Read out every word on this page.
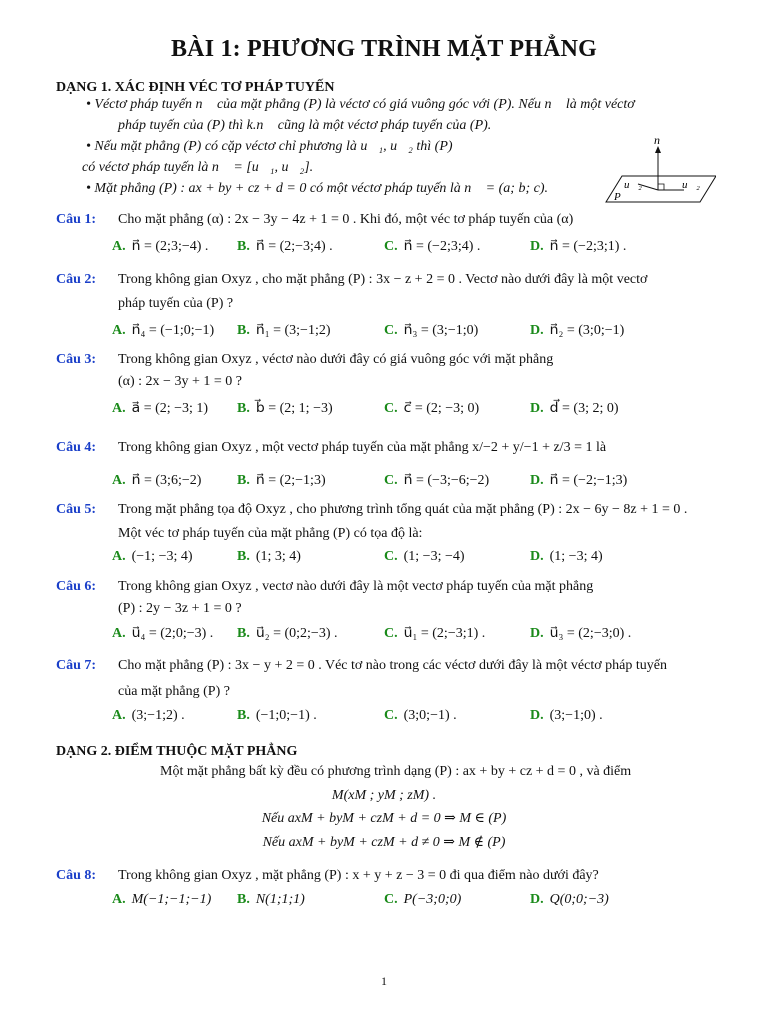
BÀI 1: PHƯƠNG TRÌNH MẶT PHẲNG
DẠNG 1. XÁC ĐỊNH VÉC TƠ PHÁP TUYẾN
• Véctơ pháp tuyến n⃗ của mặt phẳng (P) là véctơ có giá vuông góc với (P). Nếu n⃗ là một véctơ
pháp tuyến của (P) thì k.n⃗ cũng là một véctơ pháp tuyến của (P).
• Nếu mặt phẳng (P) có cặp véctơ chỉ phương là u⃗₁, u⃗₂ thì (P)
có véctơ pháp tuyến là n⃗ = [u⃗₁, u⃗₂].
• Mặt phẳng (P) : ax + by + cz + d = 0 có một véctơ pháp tuyến là n⃗ = (a; b; c).
n⃗
u⃗₂	u⃗₂
P
Câu 1: Cho mặt phẳng (α) : 2x − 3y − 4z + 1 = 0 . Khi đó, một véc tơ pháp tuyến của (α)
A. n⃗ = (2;3;−4) . B. n⃗ = (2;−3;4) .	C. n⃗ = (−2;3;4) .	D. n⃗ = (−2;3;1) .
Câu 2: Trong không gian Oxyz , cho mặt phẳng (P) : 3x − z + 2 = 0 . Vectơ nào dưới đây là một vectơ
pháp tuyến của (P) ?
A. n⃗₄ = (−1;0;−1) B. n⃗₁ = (3;−1;2)	C. n⃗₃ = (3;−1;0)	D. n⃗₂ = (3;0;−1)
Câu 3: Trong không gian Oxyz , véctơ nào dưới đây có giá vuông góc với mặt phẳng
(α) : 2x − 3y + 1 = 0 ?
A. a⃗ = (2; −3; 1) B. b⃗ = (2; 1; −3)	C. c⃗ = (2; −3; 0)	D. d⃗ = (3; 2; 0)
Câu 4: Trong không gian Oxyz , một vectơ pháp tuyến của mặt phẳng x/−2 + y/−1 + z/3 = 1 là
A. n⃗ = (3;6;−2)	B. n⃗ = (2;−1;3)	C. n⃗ = (−3;−6;−2)	D. n⃗ = (−2;−1;3)
Câu 5: Trong mặt phẳng tọa độ Oxyz , cho phương trình tổng quát của mặt phẳng (P) : 2x − 6y − 8z + 1 = 0 .
Một véc tơ pháp tuyến của mặt phẳng (P) có tọa độ là:
A. (−1; −3; 4)	B. (1; 3; 4)	C. (1; −3; −4)	D. (1; −3; 4)
Câu 6: Trong không gian Oxyz , vectơ nào dưới đây là một vectơ pháp tuyến của mặt phẳng
(P) : 2y − 3z + 1 = 0 ?
A. u⃗₄ = (2;0;−3) . B. u⃗₂ = (0;2;−3) .	C. u⃗₁ = (2;−3;1) .	D. u⃗₃ = (2;−3;0) .
Câu 7: Cho mặt phẳng (P) : 3x − y + 2 = 0 . Véc tơ nào trong các véctơ dưới đây là một véctơ pháp tuyến
của mặt phẳng (P) ?
A. (3;−1;2) .	B. (−1;0;−1) .	C. (3;0;−1) .	D. (3;−1;0) .
DẠNG 2. ĐIỂM THUỘC MẶT PHẲNG
Một mặt phẳng bất kỳ đều có phương trình dạng (P) : ax + by + cz + d = 0 , và điểm
M(xM ; yM ; zM) .
Nếu axM + byM + czM + d = 0 ⇒ M ∈ (P)
Nếu axM + byM + czM + d ≠ 0 ⇒ M ∉ (P)
Câu 8: Trong không gian Oxyz , mặt phẳng (P) : x + y + z − 3 = 0 đi qua điểm nào dưới đây?
A. M(−1;−1;−1) B. N(1;1;1)	C. P(−3;0;0)	D. Q(0;0;−3)
1
